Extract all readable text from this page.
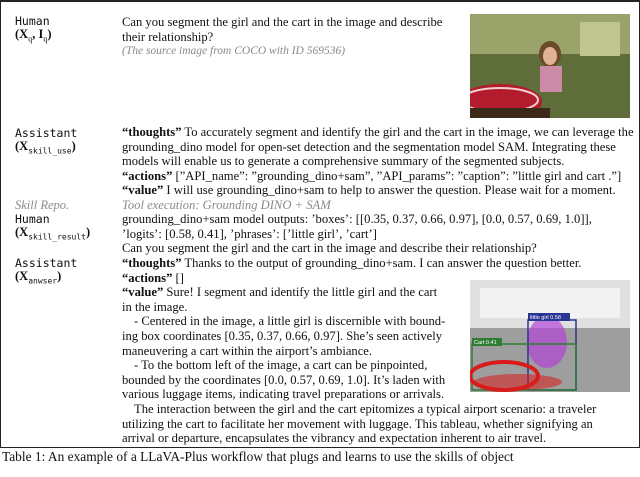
Human
($X_q$, $I_q$)

Can you segment the girl and the cart in the image and describe their relationship?

(The source image from COCO with ID 569536)

Assistant
$(X_{skill\_use})$

“thoughts” To accurately segment and identify the girl and the cart in the image, we can leverage the grounding_dino model for open-set detection and the segmentation model SAM. Integrating these models will enable us to generate a comprehensive summary of the segmented subjects.

“actions” [”API_name”: ”grounding_dino+sam”, ”API_params”: ”caption”: ”little girl and cart .”]

“value” I will use grounding_dino+sam to help to answer the question. Please wait for a moment.

Skill Repo.	Tool execution: Grounding DINO + SAM
Human
$(X_{skill\_result})$

grounding_dino+sam model outputs: ’boxes’: [[0.35, 0.37, 0.66, 0.97], [0.0, 0.57, 0.69, 1.0]],

’logits’: [0.58, 0.41], ’phrases’: [’little girl’, ’cart’]

Can you segment the girl and the cart in the image and describe their relationship?

Assistant
$(X_{anwser})$

“thoughts” Thanks to the output of grounding_dino+sam. I can answer the question better.

“actions” []

“value” Sure! I segment and identify the little girl and the cart

in the image.

- Centered in the image, a little girl is discernible with bound-

ing box coordinates [0.35, 0.37, 0.66, 0.97]. She’s seen actively

maneuvering a cart within the airport’s ambiance.

- To the bottom left of the image, a cart can be pinpointed,

bounded by the coordinates [0.0, 0.57, 0.69, 1.0]. It’s laden with

various luggage items, indicating travel preparations or arrivals.

The interaction between the girl and the cart epitomizes a typical airport scenario: a traveler

utilizing the cart to facilitate her movement with luggage. This tableau, whether signifying an

arrival or departure, encapsulates the vibrancy and expectation inherent to air travel.

Cart 0.41
little girl 0.58
Table 1: An example of a LLaVA-Plus workflow that plugs and learns to use the skills of object
